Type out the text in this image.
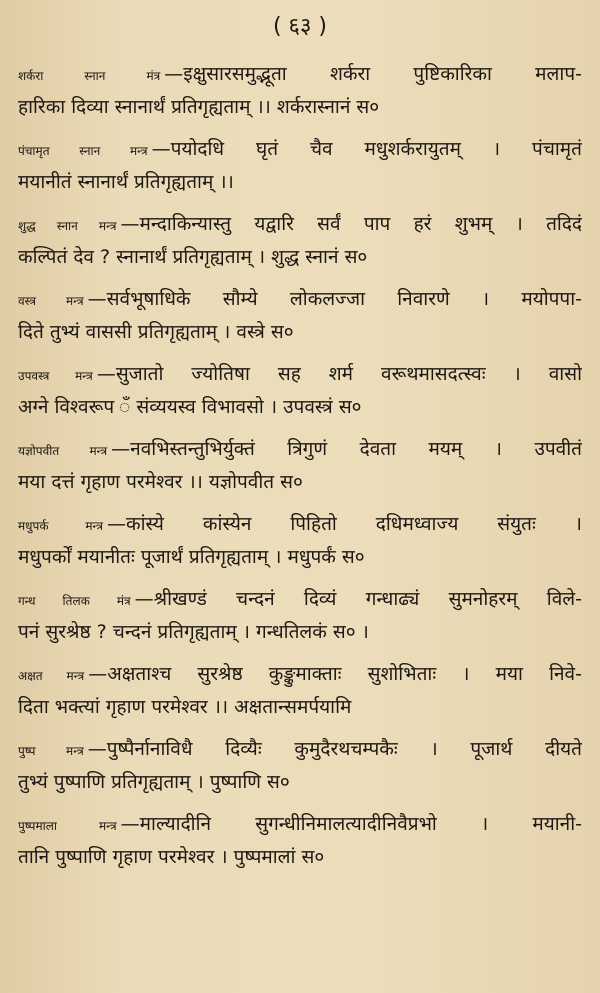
( ६३ )
शर्करा स्नान मंत्र —इक्षुसारसमुद्भूता शर्करा पुष्टिकारिका मलाप-
हारिका दिव्या स्नानार्थं प्रतिगृह्यताम् ।। शर्करास्नानं स०
पंचामृत स्नान मन्त्र —पयोदधि घृतं चैव मधुशर्करायुतम् । पंचामृतं
मयानीतं स्नानार्थं प्रतिगृह्यताम् ।।
शुद्ध स्नान मन्त्र —मन्दाकिन्यास्तु यद्वारि सर्वं पाप हरं शुभम् । तदिदं
कल्पितं देव ? स्नानार्थं प्रतिगृह्यताम् । शुद्ध स्नानं स०
वस्त्र मन्त्र —सर्वभूषाधिके सौम्ये लोकलज्जा निवारणे । मयोपपा-
दिते तुभ्यं वाससी प्रतिगृह्यताम् । वस्त्रे स०
उपवस्त्र मन्त्र —सुजातो ज्योतिषा सह शर्म वरूथमासदत्स्वः । वासो
अग्ने विश्वरूप ँ संव्ययस्व विभावसो । उपवस्त्रं स०
यज्ञोपवीत मन्त्र —नवभिस्तन्तुभिर्युक्तं त्रिगुणं देवता मयम् । उपवीतं
मया दत्तं गृहाण परमेश्वर ।। यज्ञोपवीत स०
मधुपर्क मन्त्र —कांस्ये कांस्येन पिहितो दधिमध्वाज्य संयुतः ।
मधुपर्कों मयानीतः पूजार्थं प्रतिगृह्यताम् । मधुपर्कं स०
गन्ध तिलक मंत्र —श्रीखण्डं चन्दनं दिव्यं गन्धाढ्यं सुमनोहरम् विले-
पनं सुरश्रेष्ठ ? चन्दनं प्रतिगृह्यताम् । गन्धतिलकं स० ।
अक्षत मन्त्र —अक्षताश्च सुरश्रेष्ठ कुङ्कुमाक्ताः सुशोभिताः । मया निवे-
दिता भक्त्यां गृहाण परमेश्वर ।। अक्षतान्समर्पयामि
पुष्प मन्त्र —पुष्पैर्नानाविधै दिव्यैः कुमुदैरथचम्पकैः । पूजार्थ दीयते
तुभ्यं पुष्पाणि प्रतिगृह्यताम् । पुष्पाणि स०
पुष्पमाला मन्त्र —माल्यादीनि सुगन्धीनिमालत्यादीनिवैप्रभो । मयानी-
तानि पुष्पाणि गृहाण परमेश्वर । पुष्पमालां स०
